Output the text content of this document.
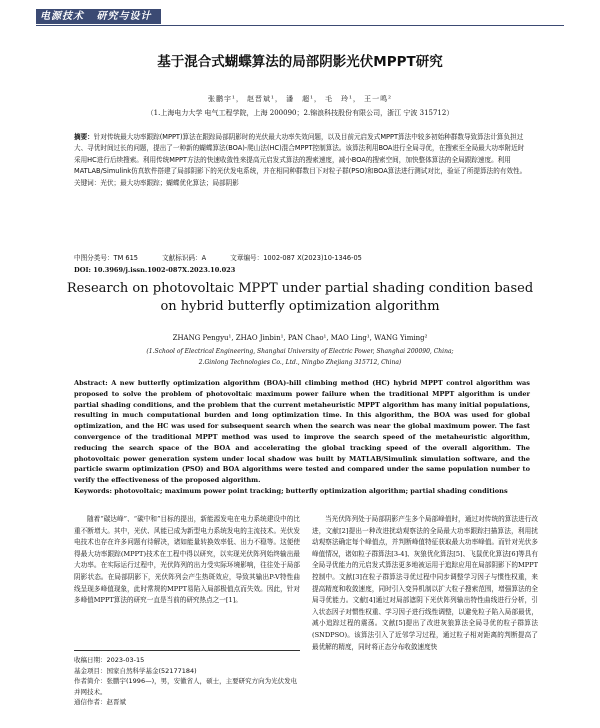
电源技术 研究与设计
基于混合式蝴蝶算法的局部阴影光伏MPPT研究
张鹏宇¹， 赵晋斌¹， 潘　超¹， 毛　玲¹， 王一鸣²
（1.上海电力大学 电气工程学院，上海 200090；2.锦浪科技股份有限公司，浙江 宁波 315712）
摘要：针对传统最大功率跟踪(MPPT)算法在跟踪局部阴影时的光伏最大功率失效问题，以及目前元启发式MPPT算法中较多初始种群数导致算法计算负担过大、寻优时间过长的问题，提出了一种新的蝴蝶算法(BOA)-爬山法(HC)混合MPPT控制算法。该算法利用BOA进行全局寻优，在搜索至全局最大功率附近时采用HC进行后续搜索。利用传统MPPT方法的快速收敛性来提高元启发式算法的搜索速度，减小BOA的搜索空间，加快整体算法的全局跟踪速度。利用MATLAB/Simulink仿真软件搭建了局部阴影下的光伏发电系统，并在相同种群数目下对粒子群(PSO)和BOA算法进行测试对比，验证了所提算法的有效性。
关键词：光伏；最大功率跟踪；蝴蝶优化算法；局部阴影
中图分类号：TM 615	文献标识码：A	文章编号：1002-087 X(2023)10-1346-05
DOI: 10.3969/j.issn.1002-087X.2023.10.023
Research on photovoltaic MPPT under partial shading condition based
on hybrid butterfly optimization algorithm
ZHANG Pengyu¹, ZHAO Jinbin¹, PAN Chao¹, MAO Ling¹, WANG Yiming²
(1.School of Electrical Engineering, Shanghai University of Electric Power, Shanghai 200090, China;
2.Ginlong Technologies Co., Ltd., Ningbo Zhejiang 315712, China)
Abstract: A new butterfly optimization algorithm (BOA)-hill climbing method (HC) hybrid MPPT control algorithm was proposed to solve the problem of photovoltaic maximum power failure when the traditional MPPT algorithm is under partial shading conditions, and the problem that the current metaheuristic MPPT algorithm has many initial populations, resulting in much computational burden and long optimization time. In this algorithm, the BOA was used for global optimization, and the HC was used for subsequent search when the search was near the global maximum power. The fast convergence of the traditional MPPT method was used to improve the search speed of the metaheuristic algorithm, reducing the search space of the BOA and accelerating the global tracking speed of the overall algorithm. The photovoltaic power generation system under local shadow was built by MATLAB/Simulink simulation software, and the particle swarm optimization (PSO) and BOA algorithms were tested and compared under the same population number to verify the effectiveness of the proposed algorithm.
Keywords: photovoltaic; maximum power point tracking; butterfly optimization algorithm; partial shading conditions

随着“碳达峰”、“碳中和”目标的提出，新能源发电在电力系统建设中的比重不断增大。其中，光伏、风能已成为新型电力系统发电的主流技术。光伏发电技术也存在许多问题有待解决，诸如能量转换效率低、出力不稳等。这便使得最大功率跟踪(MPPT)技术在工程中得以研究，以实现光伏阵列始终输出最大功率。在实际运行过程中，光伏阵列的出力受实际环境影响，往往处于局部阴影状态。在局部阴影下，光伏阵列会产生热斑效应，导致其输出P-V特性曲线呈现多峰值现象，此时常规的MPPT易陷入局部极值点而失效。因此，针对多峰值MPPT算法的研究一直是当前的研究热点之一[1]。

当光伏阵列处于局部阴影产生多个局部峰值时，通过对传统的算法进行改进，文献[2]提出一种改进扰动观察法的全局最大功率跟踪扫描算法，利用扰动观察法确定每个峰值点，并判断峰值特征获取最大功率峰值。而针对光伏多峰值情况，诸如粒子群算法[3-4]、灰狼优化算法[5]、飞鼠优化算法[6]等具有全局寻优能力的元启发式算法更多地被运用于追踪应用在局部阴影下的MPPT控制中。文献[3]在粒子群算法寻优过程中同步调整学习因子与惯性权重，来提高精度和收敛速度，同时引入变异机制以扩大粒子搜索范围，增强算法的全局寻优能力。文献[4]通过对局部遮阴下光伏阵列输出特性曲线进行分析，引入状态因子对惯性权重、学习因子进行线性调整，以避免粒子陷入局部最优，减小追踪过程的震荡。文献[5]提出了改进灰狼算法全局寻优的粒子群算法(SNDPSO)。该算法引入了近邻学习过程，通过粒子相对距离的判断提高了最优解的精度，同时将正态分布收敛速度快

收稿日期：2023-03-15
基金项目：国家自然科学基金(52177184)
作者简介：张鹏宇(1996—)，男，安徽省人，硕士，主要研究方向为光伏发电并网技术。
通信作者：赵晋斌
